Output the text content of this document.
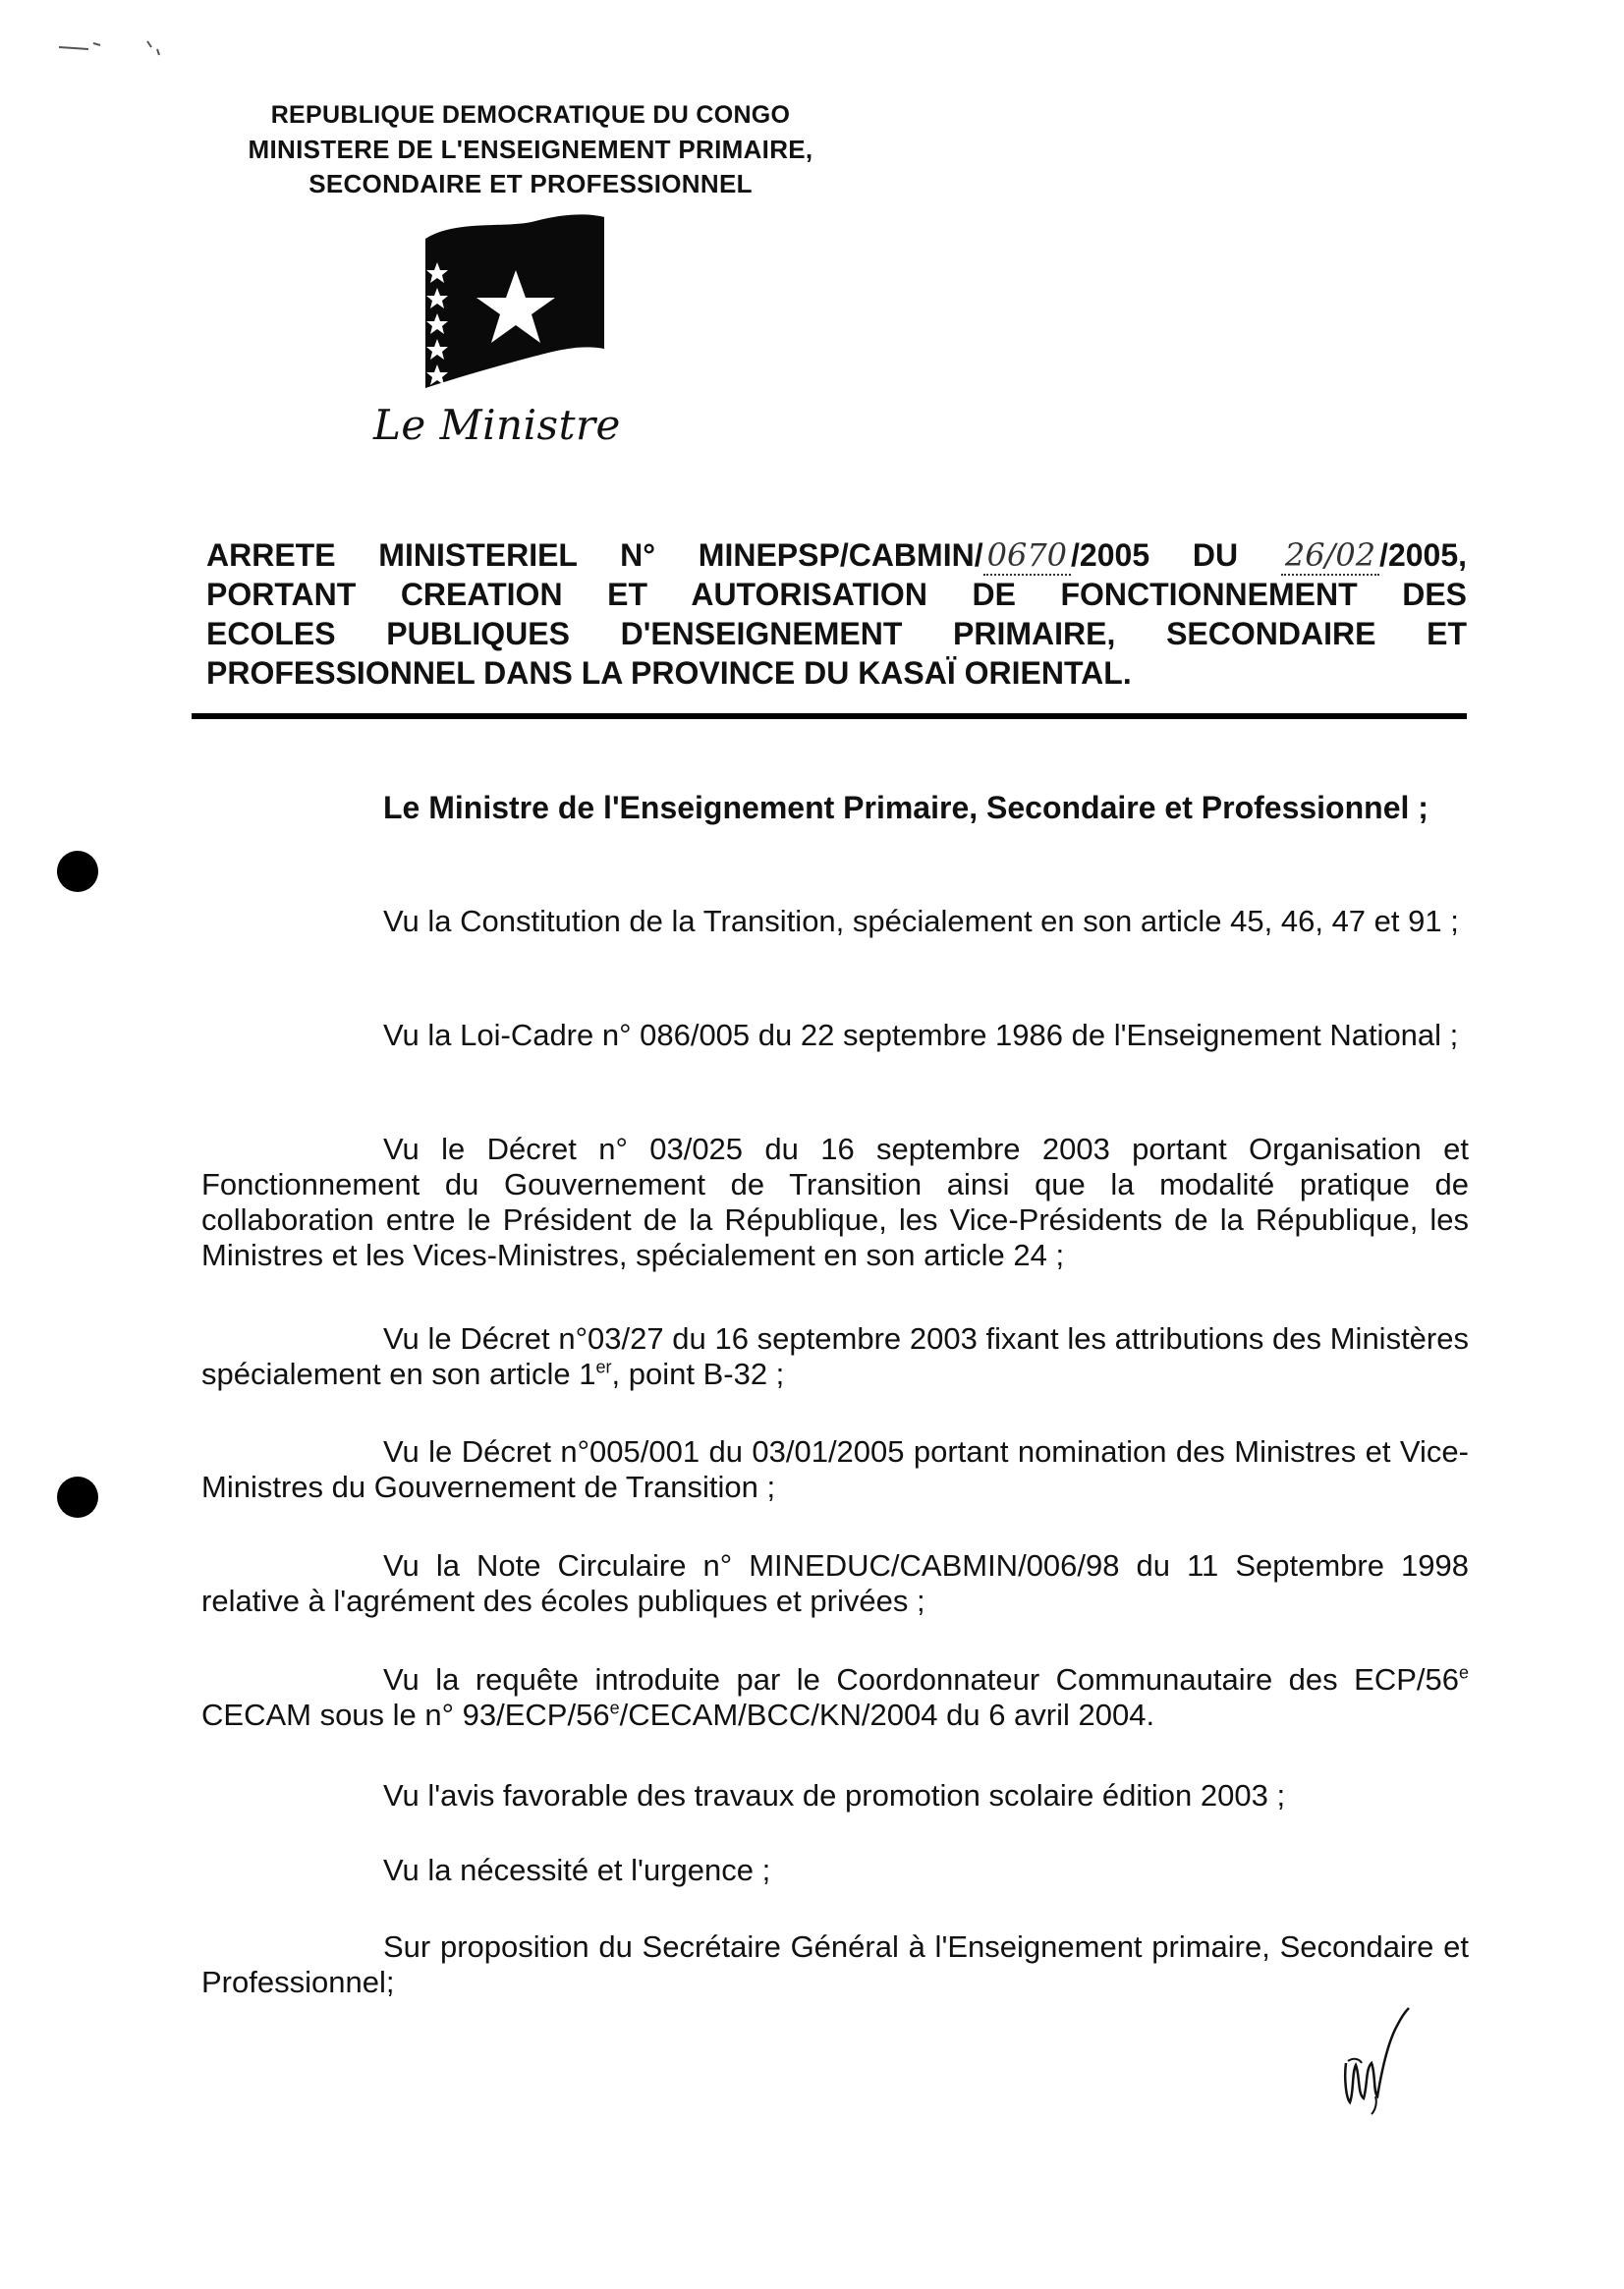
REPUBLIQUE DEMOCRATIQUE DU CONGO
MINISTERE DE L'ENSEIGNEMENT PRIMAIRE,
SECONDAIRE ET PROFESSIONNEL
Le Ministre
ARRETE MINISTERIEL N° MINEPSP/CABMIN/ 0670 /2005 DU 26/02 /2005,
PORTANT CREATION ET AUTORISATION DE FONCTIONNEMENT DES
ECOLES PUBLIQUES D'ENSEIGNEMENT PRIMAIRE, SECONDAIRE ET
PROFESSIONNEL DANS LA PROVINCE DU KASAÏ ORIENTAL.
Le Ministre de l'Enseignement Primaire, Secondaire et Professionnel ;
Vu la Constitution de la Transition, spécialement en son article 45, 46, 47 et 91 ;
Vu la Loi-Cadre n° 086/005 du 22 septembre 1986 de l'Enseignement National ;
Vu le Décret n° 03/025 du 16 septembre 2003 portant Organisation et Fonctionnement du Gouvernement de Transition ainsi que la modalité pratique de collaboration entre le Président de la République, les Vice-Présidents de la République, les Ministres et les Vices-Ministres, spécialement en son article 24 ;
Vu le Décret n°03/27 du 16 septembre 2003 fixant les attributions des Ministères spécialement en son article 1er, point B-32 ;
Vu le Décret n°005/001 du 03/01/2005 portant nomination des Ministres et Vice-Ministres du Gouvernement de Transition ;
Vu la Note Circulaire n° MINEDUC/CABMIN/006/98 du 11 Septembre 1998 relative à l'agrément des écoles publiques et privées ;
Vu la requête introduite par le Coordonnateur Communautaire des ECP/56e CECAM sous le n° 93/ECP/56e/CECAM/BCC/KN/2004 du 6 avril 2004.
Vu l'avis favorable des travaux de promotion scolaire édition 2003 ;
Vu la nécessité et l'urgence ;
Sur proposition du Secrétaire Général à l'Enseignement primaire, Secondaire et Professionnel;
